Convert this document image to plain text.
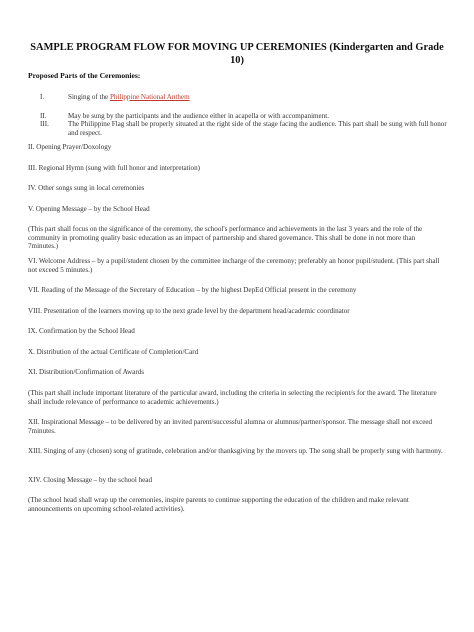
SAMPLE PROGRAM FLOW FOR MOVING UP CEREMONIES (Kindergarten and Grade 10)
Proposed Parts of the Ceremonies:
I.	Singing of the Philippine National Anthem
II.	May be sung by the participants and the audience either in acapella or with accompaniment.
III.	The Philippine Flag shall be properly situated at the right side of the stage facing the audience. This part shall be sung with full honor and respect.
II. Opening Prayer/Doxology
III. Regional Hymn (sung with full honor and interpretation)
IV. Other songs sung in local ceremonies
V. Opening Message – by the School Head
(This part shall focus on the significance of the ceremony, the school's performance and achievements in the last 3 years and the role of the community in promoting quality basic education as an impact of partnership and shared governance. This shall be done in not more than 7minutes.)
VI. Welcome Address – by a pupil/student chosen by the committee incharge of the ceremony; preferably an honor pupil/student. (This part shall not exceed 5 minutes.)
VII. Reading of the Message of the Secretary of Education – by the highest DepEd Official present in the ceremony
VIII. Presentation of the learners moving up to the next grade level by the department head/academic coordinator
IX. Confirmation by the School Head
X. Distribution of the actual Certificate of Completion/Card
XI. Distribution/Confirmation of Awards
(This part shall include important literature of the particular award, including the criteria in selecting the recipient/s for the award. The literature shall include relevance of performance to academic achievements.)
XII. Inspirational Message – to be delivered by an invited parent/successful alumna or alumnus/partner/sponsor. The message shall not exceed 7minutes.
XIII. Singing of any (chosen) song of gratitude, celebration and/or thanksgiving by the movers up. The song shall be properly sung with harmony.
XIV. Closing Message – by the school head
(The school head shall wrap up the ceremonies, inspire parents to continue supporting the education of the children and make relevant announcements on upcoming school-related activities).
